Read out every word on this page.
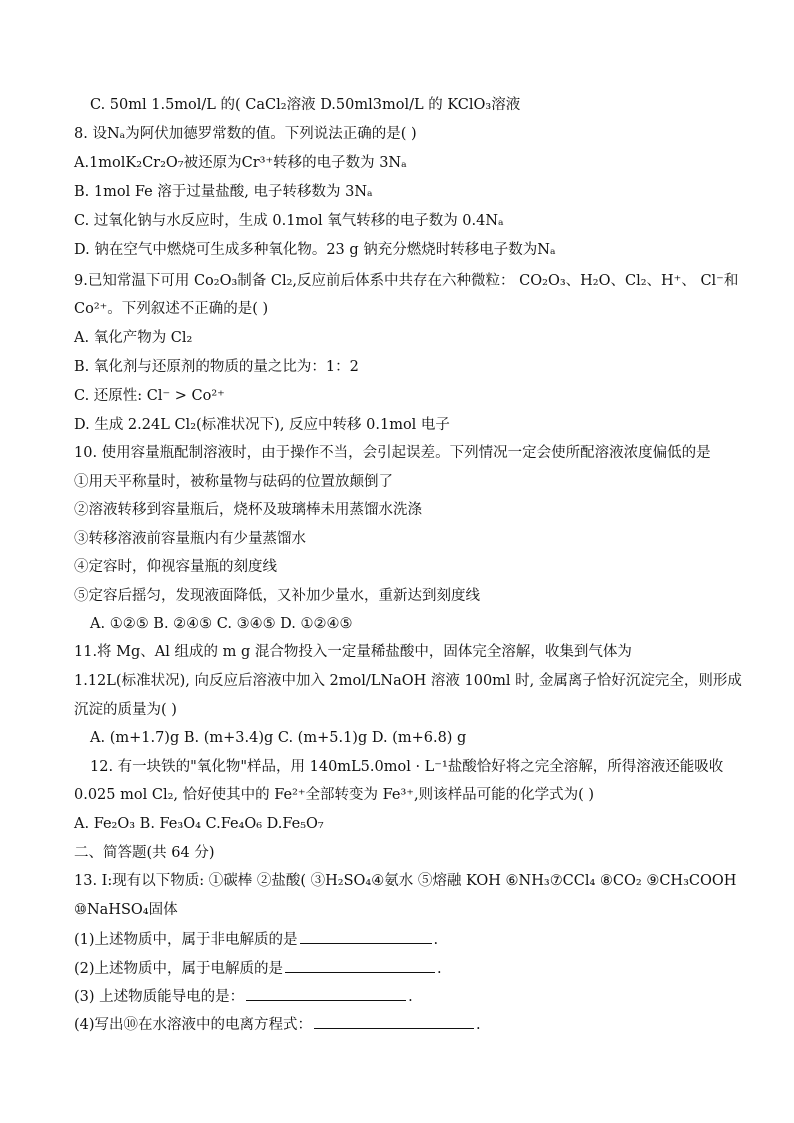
C. 50ml 1.5mol/L 的( CaCl₂溶液 D.50ml3mol/L 的 KClO₃溶液
8. 设Nₐ为阿伏加德罗常数的值。下列说法正确的是( )
A.1molK₂Cr₂O₇被还原为Cr³⁺转移的电子数为 3Nₐ
B. 1mol Fe 溶于过量盐酸, 电子转移数为 3Nₐ
C. 过氧化钠与水反应时，生成 0.1mol 氧气转移的电子数为 0.4Nₐ
D. 钠在空气中燃烧可生成多种氧化物。23 g 钠充分燃烧时转移电子数为Nₐ
9.已知常温下可用 Co₂O₃制备 Cl₂,反应前后体系中共存在六种微粒： CO₂O₃、H₂O、Cl₂、H⁺、 Cl⁻和
Co²⁺。下列叙述不正确的是( )
A. 氧化产物为 Cl₂
B. 氧化剂与还原剂的物质的量之比为：1：2
C. 还原性: Cl⁻ > Co²⁺
D. 生成 2.24L Cl₂(标准状况下), 反应中转移 0.1mol 电子
10. 使用容量瓶配制溶液时，由于操作不当，会引起误差。下列情况一定会使所配溶液浓度偏低的是
①用天平称量时，被称量物与砝码的位置放颠倒了
②溶液转移到容量瓶后，烧杯及玻璃棒未用蒸馏水洗涤
③转移溶液前容量瓶内有少量蒸馏水
④定容时，仰视容量瓶的刻度线
⑤定容后摇匀，发现液面降低，又补加少量水，重新达到刻度线
A. ①②⑤ B. ②④⑤ C. ③④⑤ D. ①②④⑤
11.将 Mg、Al 组成的 m g 混合物投入一定量稀盐酸中，固体完全溶解，收集到气体为
1.12L(标准状况), 向反应后溶液中加入 2mol/LNaOH 溶液 100ml 时, 金属离子恰好沉淀完全，则形成
沉淀的质量为( )
A. (m+1.7)g B. (m+3.4)g C. (m+5.1)g D. (m+6.8) g
12. 有一块铁的"氧化物"样品，用 140mL5.0mol · L⁻¹盐酸恰好将之完全溶解，所得溶液还能吸收
0.025 mol Cl₂, 恰好使其中的 Fe²⁺全部转变为 Fe³⁺,则该样品可能的化学式为( )
A. Fe₂O₃ B. Fe₃O₄ C.Fe₄O₆ D.Fe₅O₇
二、简答题(共 64 分)
13. I:现有以下物质: ①碳棒 ②盐酸( ③H₂SO₄④氨水 ⑤熔融 KOH ⑥NH₃⑦CCl₄ ⑧CO₂ ⑨CH₃COOH
⑩NaHSO₄固体
(1)上述物质中，属于非电解质的是	.
(2)上述物质中，属于电解质的是	.
(3) 上述物质能导电的是：	.
(4)写出⑩在水溶液中的电离方程式：	.
